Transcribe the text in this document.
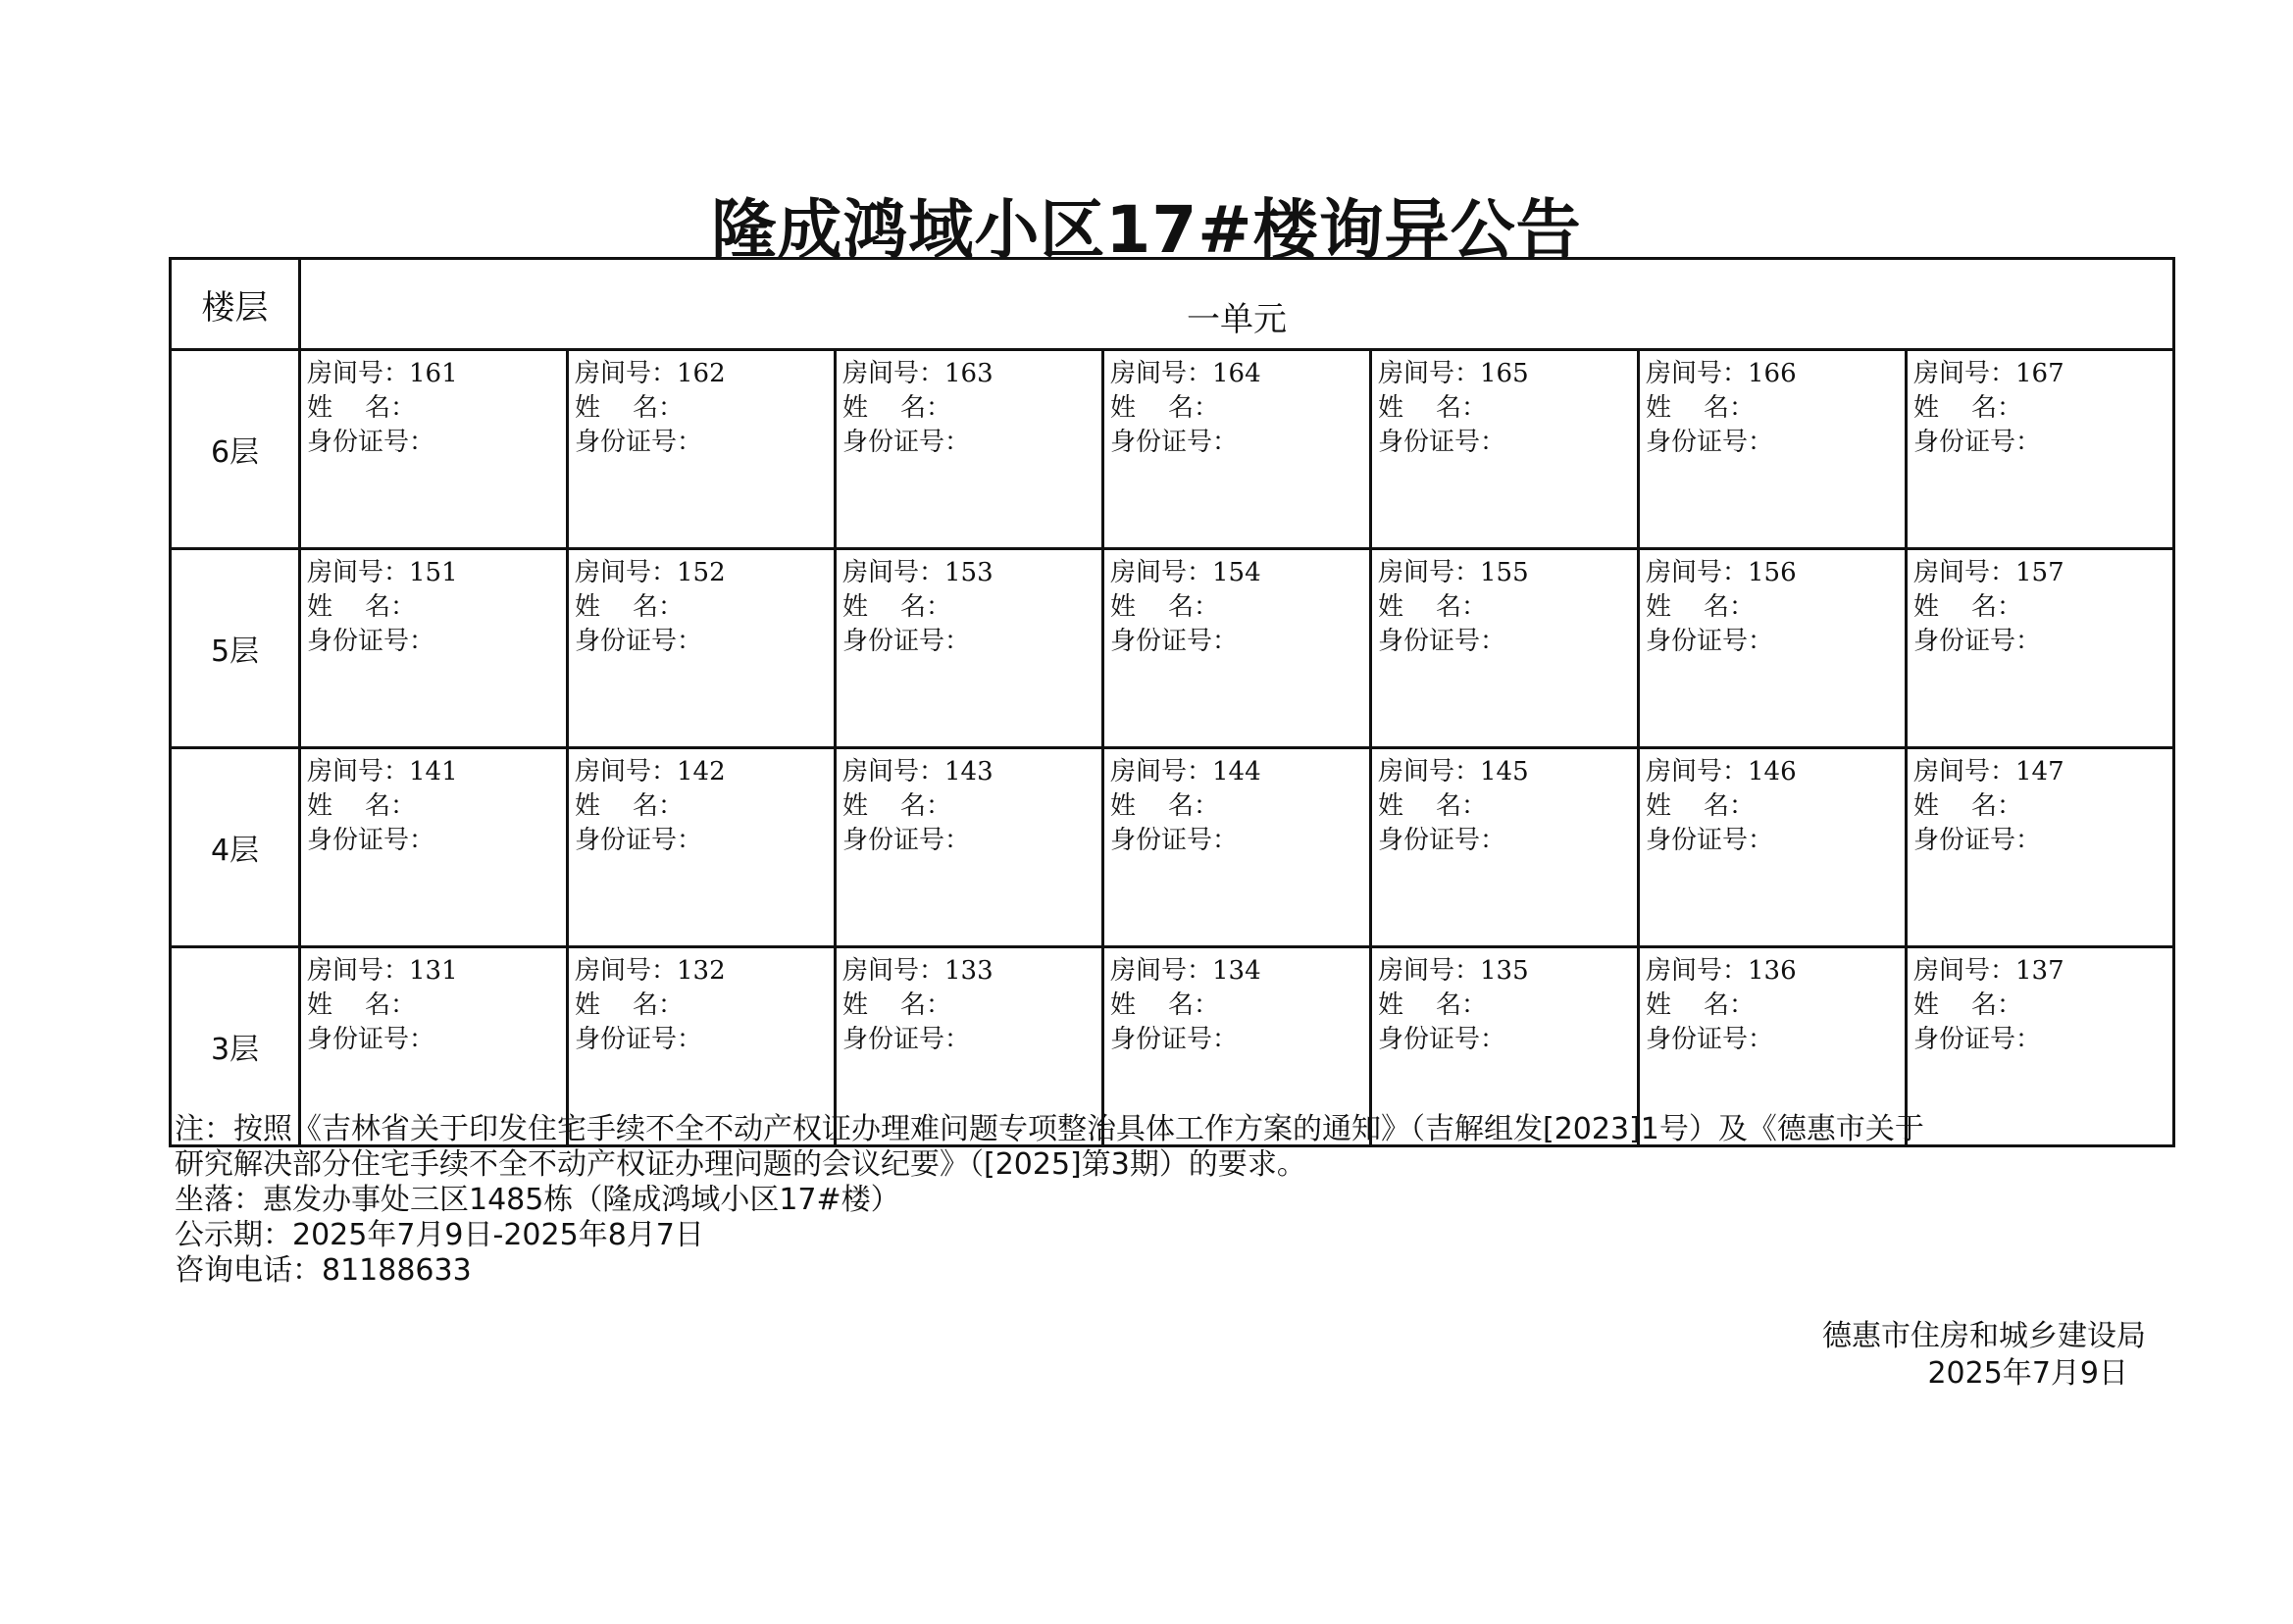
隆成鸿域小区17#楼询异公告
楼层	一单元						
6层	房间号：161
姓    名：
身份证号：	房间号：162
姓    名：
身份证号：	房间号：163
姓    名：
身份证号：	房间号：164
姓    名：
身份证号：	房间号：165
姓    名：
身份证号：	房间号：166
姓    名：
身份证号：	房间号：167
姓    名：
身份证号：

5层	房间号：151
姓    名：
身份证号：	房间号：152
姓    名：
身份证号：	房间号：153
姓    名：
身份证号：	房间号：154
姓    名：
身份证号：	房间号：155
姓    名：
身份证号：	房间号：156
姓    名：
身份证号：	房间号：157
姓    名：
身份证号：

4层	房间号：141
姓    名：
身份证号：	房间号：142
姓    名：
身份证号：	房间号：143
姓    名：
身份证号：	房间号：144
姓    名：
身份证号：	房间号：145
姓    名：
身份证号：	房间号：146
姓    名：
身份证号：	房间号：147
姓    名：
身份证号：

3层	房间号：131
姓    名：
身份证号：	房间号：132
姓    名：
身份证号：	房间号：133
姓    名：
身份证号：	房间号：134
姓    名：
身份证号：	房间号：135
姓    名：
身份证号：	房间号：136
姓    名：
身份证号：	房间号：137
姓    名：
身份证号：
注：按照《吉林省关于印发住宅手续不全不动产权证办理难问题专项整治具体工作方案的通知》（吉解组发[2023]1号）及《德惠市关于
研究解决部分住宅手续不全不动产权证办理问题的会议纪要》（[2025]第3期）的要求。
坐落：惠发办事处三区1485栋（隆成鸿域小区17#楼）
公示期：2025年7月9日-2025年8月7日
咨询电话：81188633
德惠市住房和城乡建设局
2025年7月9日
